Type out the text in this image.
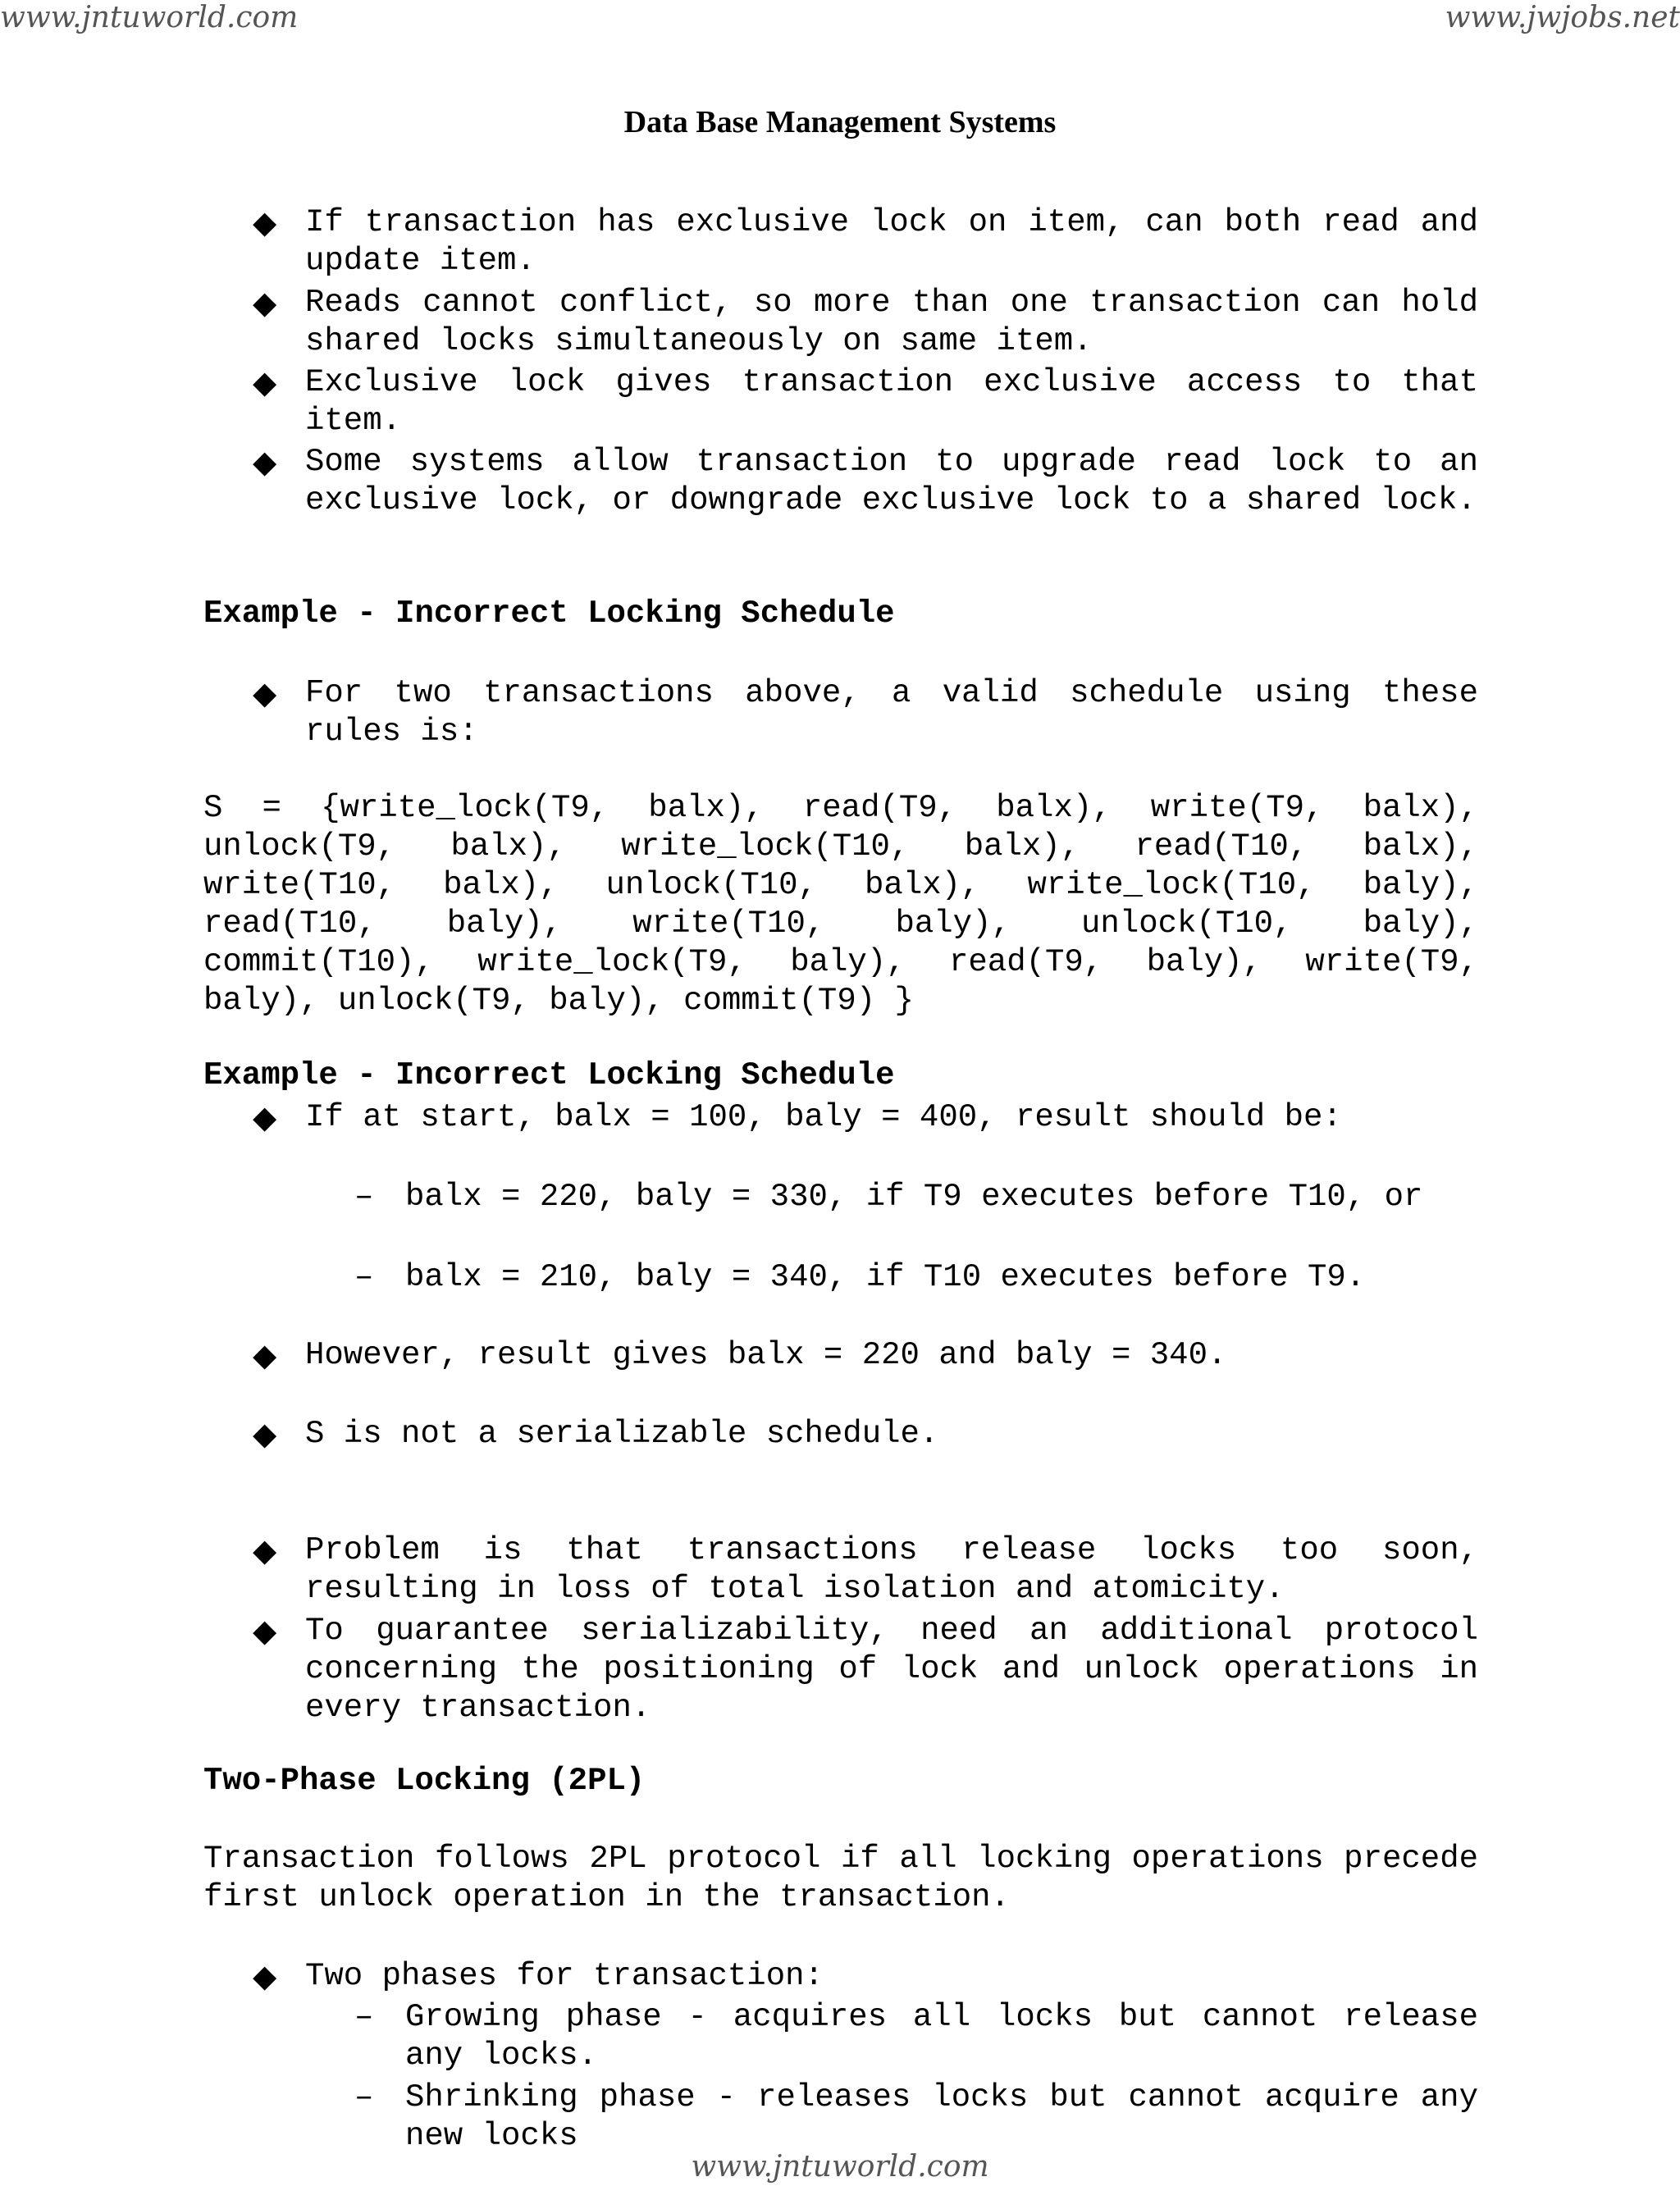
www.jntuworld.com	www.jwjobs.net
Data Base Management Systems
◆ If transaction has exclusive lock on item, can both read and update item.
◆ Reads cannot conflict, so more than one transaction can hold shared locks simultaneously on same item.
◆ Exclusive lock gives transaction exclusive access to that item.
◆ Some systems allow transaction to upgrade read lock to an exclusive lock, or downgrade exclusive lock to a shared lock.
Example - Incorrect Locking Schedule
◆ For two transactions above, a valid schedule using these rules is:
S = {write_lock(T9, balx), read(T9, balx), write(T9, balx),
unlock(T9, balx), write_lock(T10, balx), read(T10, balx),
write(T10, balx), unlock(T10, balx), write_lock(T10, baly),
read(T10, baly), write(T10, baly), unlock(T10, baly),
commit(T10), write_lock(T9, baly), read(T9, baly), write(T9,
baly), unlock(T9, baly), commit(T9) }
Example - Incorrect Locking Schedule
◆ If at start, balx = 100, baly = 400, result should be:
– balx = 220, baly = 330, if T9 executes before T10, or
– balx = 210, baly = 340, if T10 executes before T9.
◆ However, result gives balx = 220 and baly = 340.
◆ S is not a serializable schedule.
◆ Problem is that transactions release locks too soon, resulting in loss of total isolation and atomicity.
◆ To guarantee serializability, need an additional protocol concerning the positioning of lock and unlock operations in every transaction.
Two-Phase Locking (2PL)
Transaction follows 2PL protocol if all locking operations precede first unlock operation in the transaction.
◆ Two phases for transaction:
– Growing phase - acquires all locks but cannot release any locks.
– Shrinking phase - releases locks but cannot acquire any new locks
www.jntuworld.com
